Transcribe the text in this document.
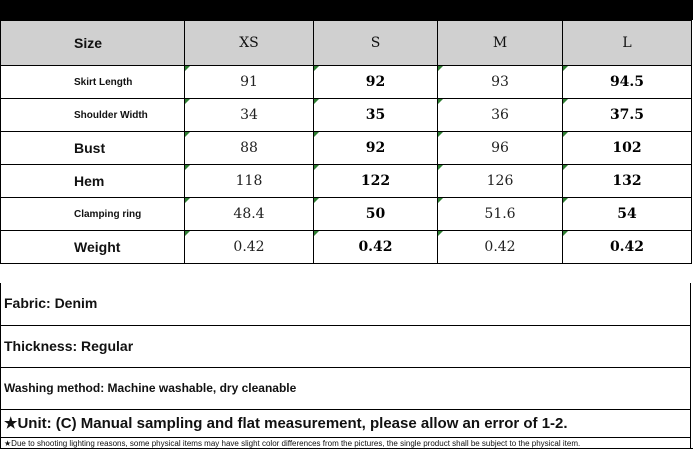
Size	XS	S	M	L
Skirt Length	91	92	93	94.5
Shoulder Width	34	35	36	37.5
Bust	88	92	96	102
Hem	118	122	126	132
Clamping ring	48.4	50	51.6	54
Weight	0.42	0.42	0.42	0.42
Fabric: Denim
Thickness: Regular
Washing method: Machine washable, dry cleanable
★Unit: (C) Manual sampling and flat measurement, please allow an error of 1-2.
★Due to shooting lighting reasons, some physical items may have slight color differences from the pictures, the single product shall be subject to the physical item.
